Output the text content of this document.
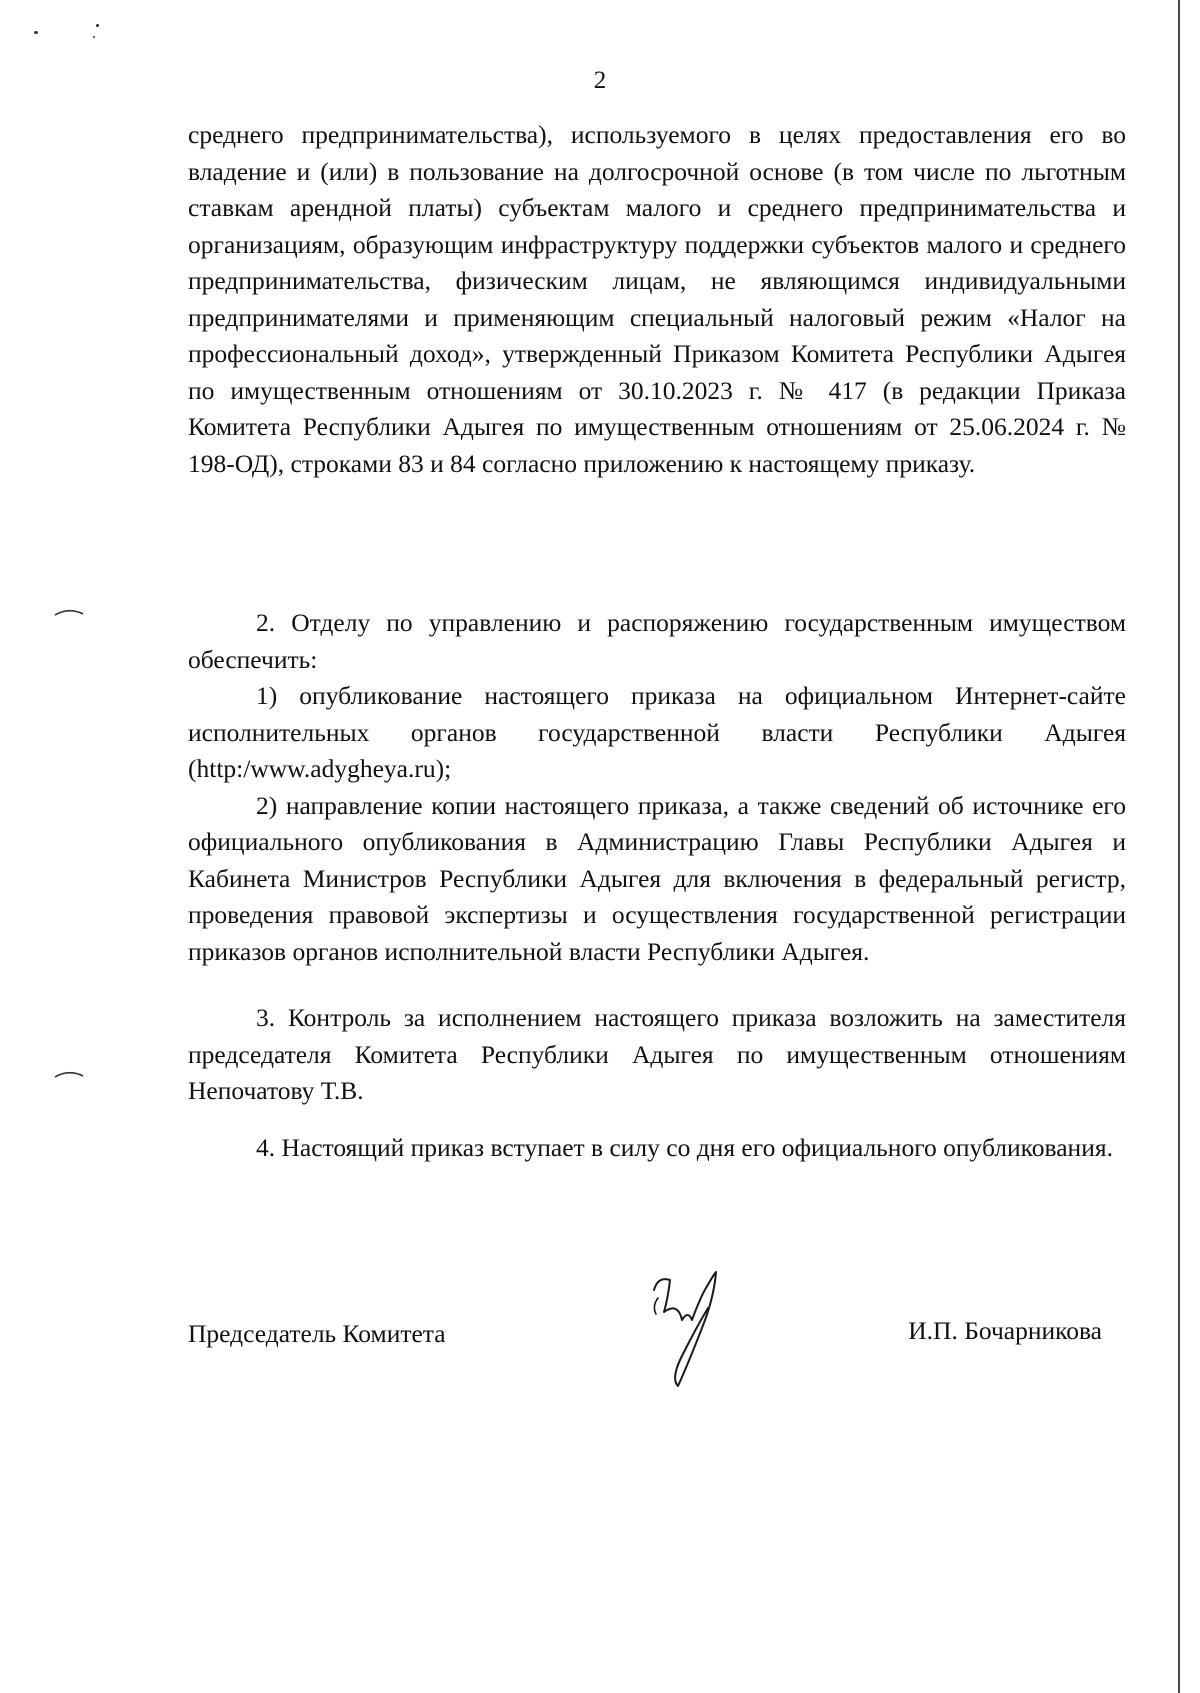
2

среднего предпринимательства), используемого в целях предоставления его во владение и (или) в пользование на долгосрочной основе (в том числе по льготным ставкам арендной платы) субъектам малого и среднего предпринимательства и организациям, образующим инфраструктуру поддержки субъектов малого и среднего предпринимательства, физическим лицам, не являющимся индивидуальными предпринимателями и применяющим специальный налоговый режим «Налог на профессиональный доход», утвержденный Приказом Комитета Республики Адыгея по имущественным отношениям от 30.10.2023 г. № 417 (в редакции Приказа Комитета Республики Адыгея по имущественным отношениям от 25.06.2024 г. № 198-ОД), строками 83 и 84 согласно приложению к настоящему приказу.

2. Отделу по управлению и распоряжению государственным имуществом обеспечить:

1) опубликование настоящего приказа на официальном Интернет-сайте исполнительных органов государственной власти Республики Адыгея (http:/www.adygheya.ru);

2) направление копии настоящего приказа, а также сведений об источнике его официального опубликования в Администрацию Главы Республики Адыгея и Кабинета Министров Республики Адыгея для включения в федеральный регистр, проведения правовой экспертизы и осуществления государственной регистрации приказов органов исполнительной власти Республики Адыгея.

3. Контроль за исполнением настоящего приказа возложить на заместителя председателя Комитета Республики Адыгея по имущественным отношениям Непочатову Т.В.

4. Настоящий приказ вступает в силу со дня его официального опубликования.

Председатель Комитета	И.П. Бочарникова
